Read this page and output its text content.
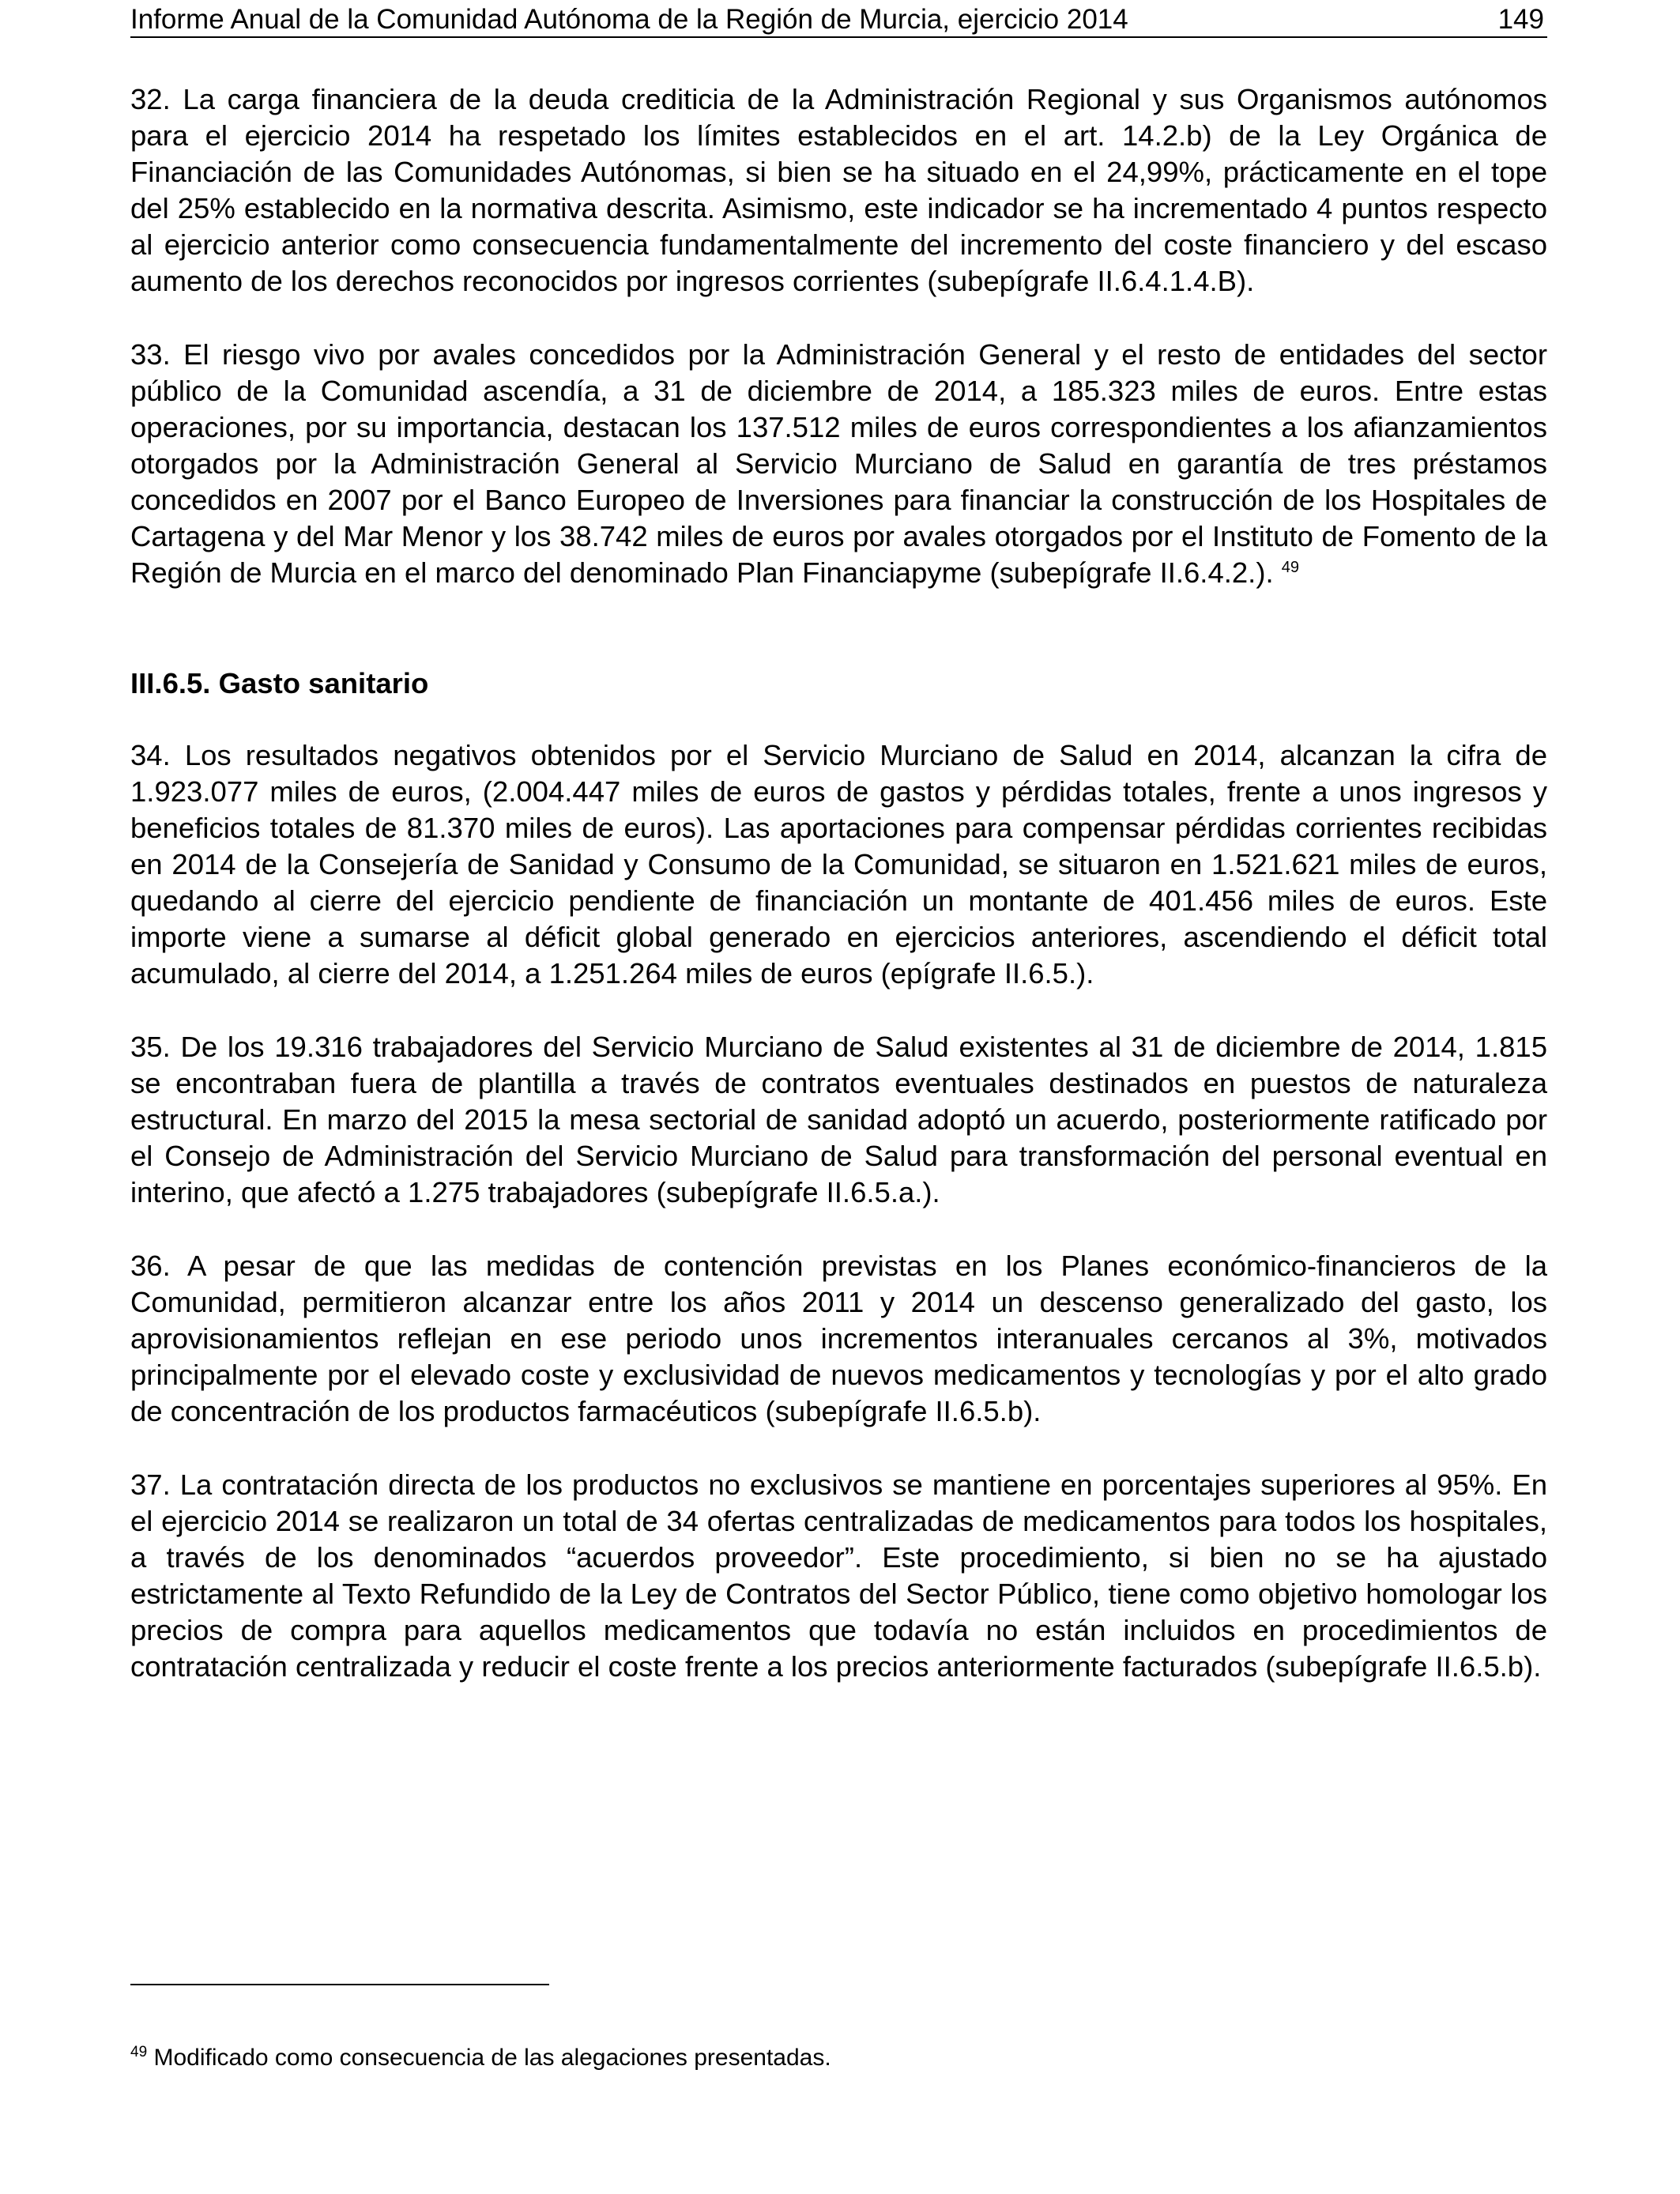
Informe Anual de la Comunidad Autónoma de la Región de Murcia, ejercicio 2014	149

32. La carga financiera de la deuda crediticia de la Administración Regional y sus Organismos autónomos para el ejercicio 2014 ha respetado los límites establecidos en el art. 14.2.b) de la Ley Orgánica de Financiación de las Comunidades Autónomas, si bien se ha situado en el 24,99%, prácticamente en el tope del 25% establecido en la normativa descrita. Asimismo, este indicador se ha incrementado 4 puntos respecto al ejercicio anterior como consecuencia fundamentalmente del incremento del coste financiero y del escaso aumento de los derechos reconocidos por ingresos corrientes (subepígrafe II.6.4.1.4.B).

33. El riesgo vivo por avales concedidos por la Administración General y el resto de entidades del sector público de la Comunidad ascendía, a 31 de diciembre de 2014, a 185.323 miles de euros. Entre estas operaciones, por su importancia, destacan los 137.512 miles de euros correspondientes a los afianzamientos otorgados por la Administración General al Servicio Murciano de Salud en garantía de tres préstamos concedidos en 2007 por el Banco Europeo de Inversiones para financiar la construcción de los Hospitales de Cartagena y del Mar Menor y los 38.742 miles de euros por avales otorgados por el Instituto de Fomento de la Región de Murcia en el marco del denominado Plan Financiapyme (subepígrafe II.6.4.2.). $^{49}$

III.6.5. Gasto sanitario

34. Los resultados negativos obtenidos por el Servicio Murciano de Salud en 2014, alcanzan la cifra de 1.923.077 miles de euros, (2.004.447 miles de euros de gastos y pérdidas totales, frente a unos ingresos y beneficios totales de 81.370 miles de euros). Las aportaciones para compensar pérdidas corrientes recibidas en 2014 de la Consejería de Sanidad y Consumo de la Comunidad, se situaron en 1.521.621 miles de euros, quedando al cierre del ejercicio pendiente de financiación un montante de 401.456 miles de euros. Este importe viene a sumarse al déficit global generado en ejercicios anteriores, ascendiendo el déficit total acumulado, al cierre del 2014, a 1.251.264 miles de euros (epígrafe II.6.5.).

35. De los 19.316 trabajadores del Servicio Murciano de Salud existentes al 31 de diciembre de 2014, 1.815 se encontraban fuera de plantilla a través de contratos eventuales destinados en puestos de naturaleza estructural. En marzo del 2015 la mesa sectorial de sanidad adoptó un acuerdo, posteriormente ratificado por el Consejo de Administración del Servicio Murciano de Salud para transformación del personal eventual en interino, que afectó a 1.275 trabajadores (subepígrafe II.6.5.a.).

36. A pesar de que las medidas de contención previstas en los Planes económico-financieros de la Comunidad, permitieron alcanzar entre los años 2011 y 2014 un descenso generalizado del gasto, los aprovisionamientos reflejan en ese periodo unos incrementos interanuales cercanos al 3%, motivados principalmente por el elevado coste y exclusividad de nuevos medicamentos y tecnologías y por el alto grado de concentración de los productos farmacéuticos (subepígrafe II.6.5.b).

37. La contratación directa de los productos no exclusivos se mantiene en porcentajes superiores al 95%. En el ejercicio 2014 se realizaron un total de 34 ofertas centralizadas de medicamentos para todos los hospitales, a través de los denominados “acuerdos proveedor”. Este procedimiento, si bien no se ha ajustado estrictamente al Texto Refundido de la Ley de Contratos del Sector Público, tiene como objetivo homologar los precios de compra para aquellos medicamentos que todavía no están incluidos en procedimientos de contratación centralizada y reducir el coste frente a los precios anteriormente facturados (subepígrafe II.6.5.b).

$^{49}$ Modificado como consecuencia de las alegaciones presentadas.
